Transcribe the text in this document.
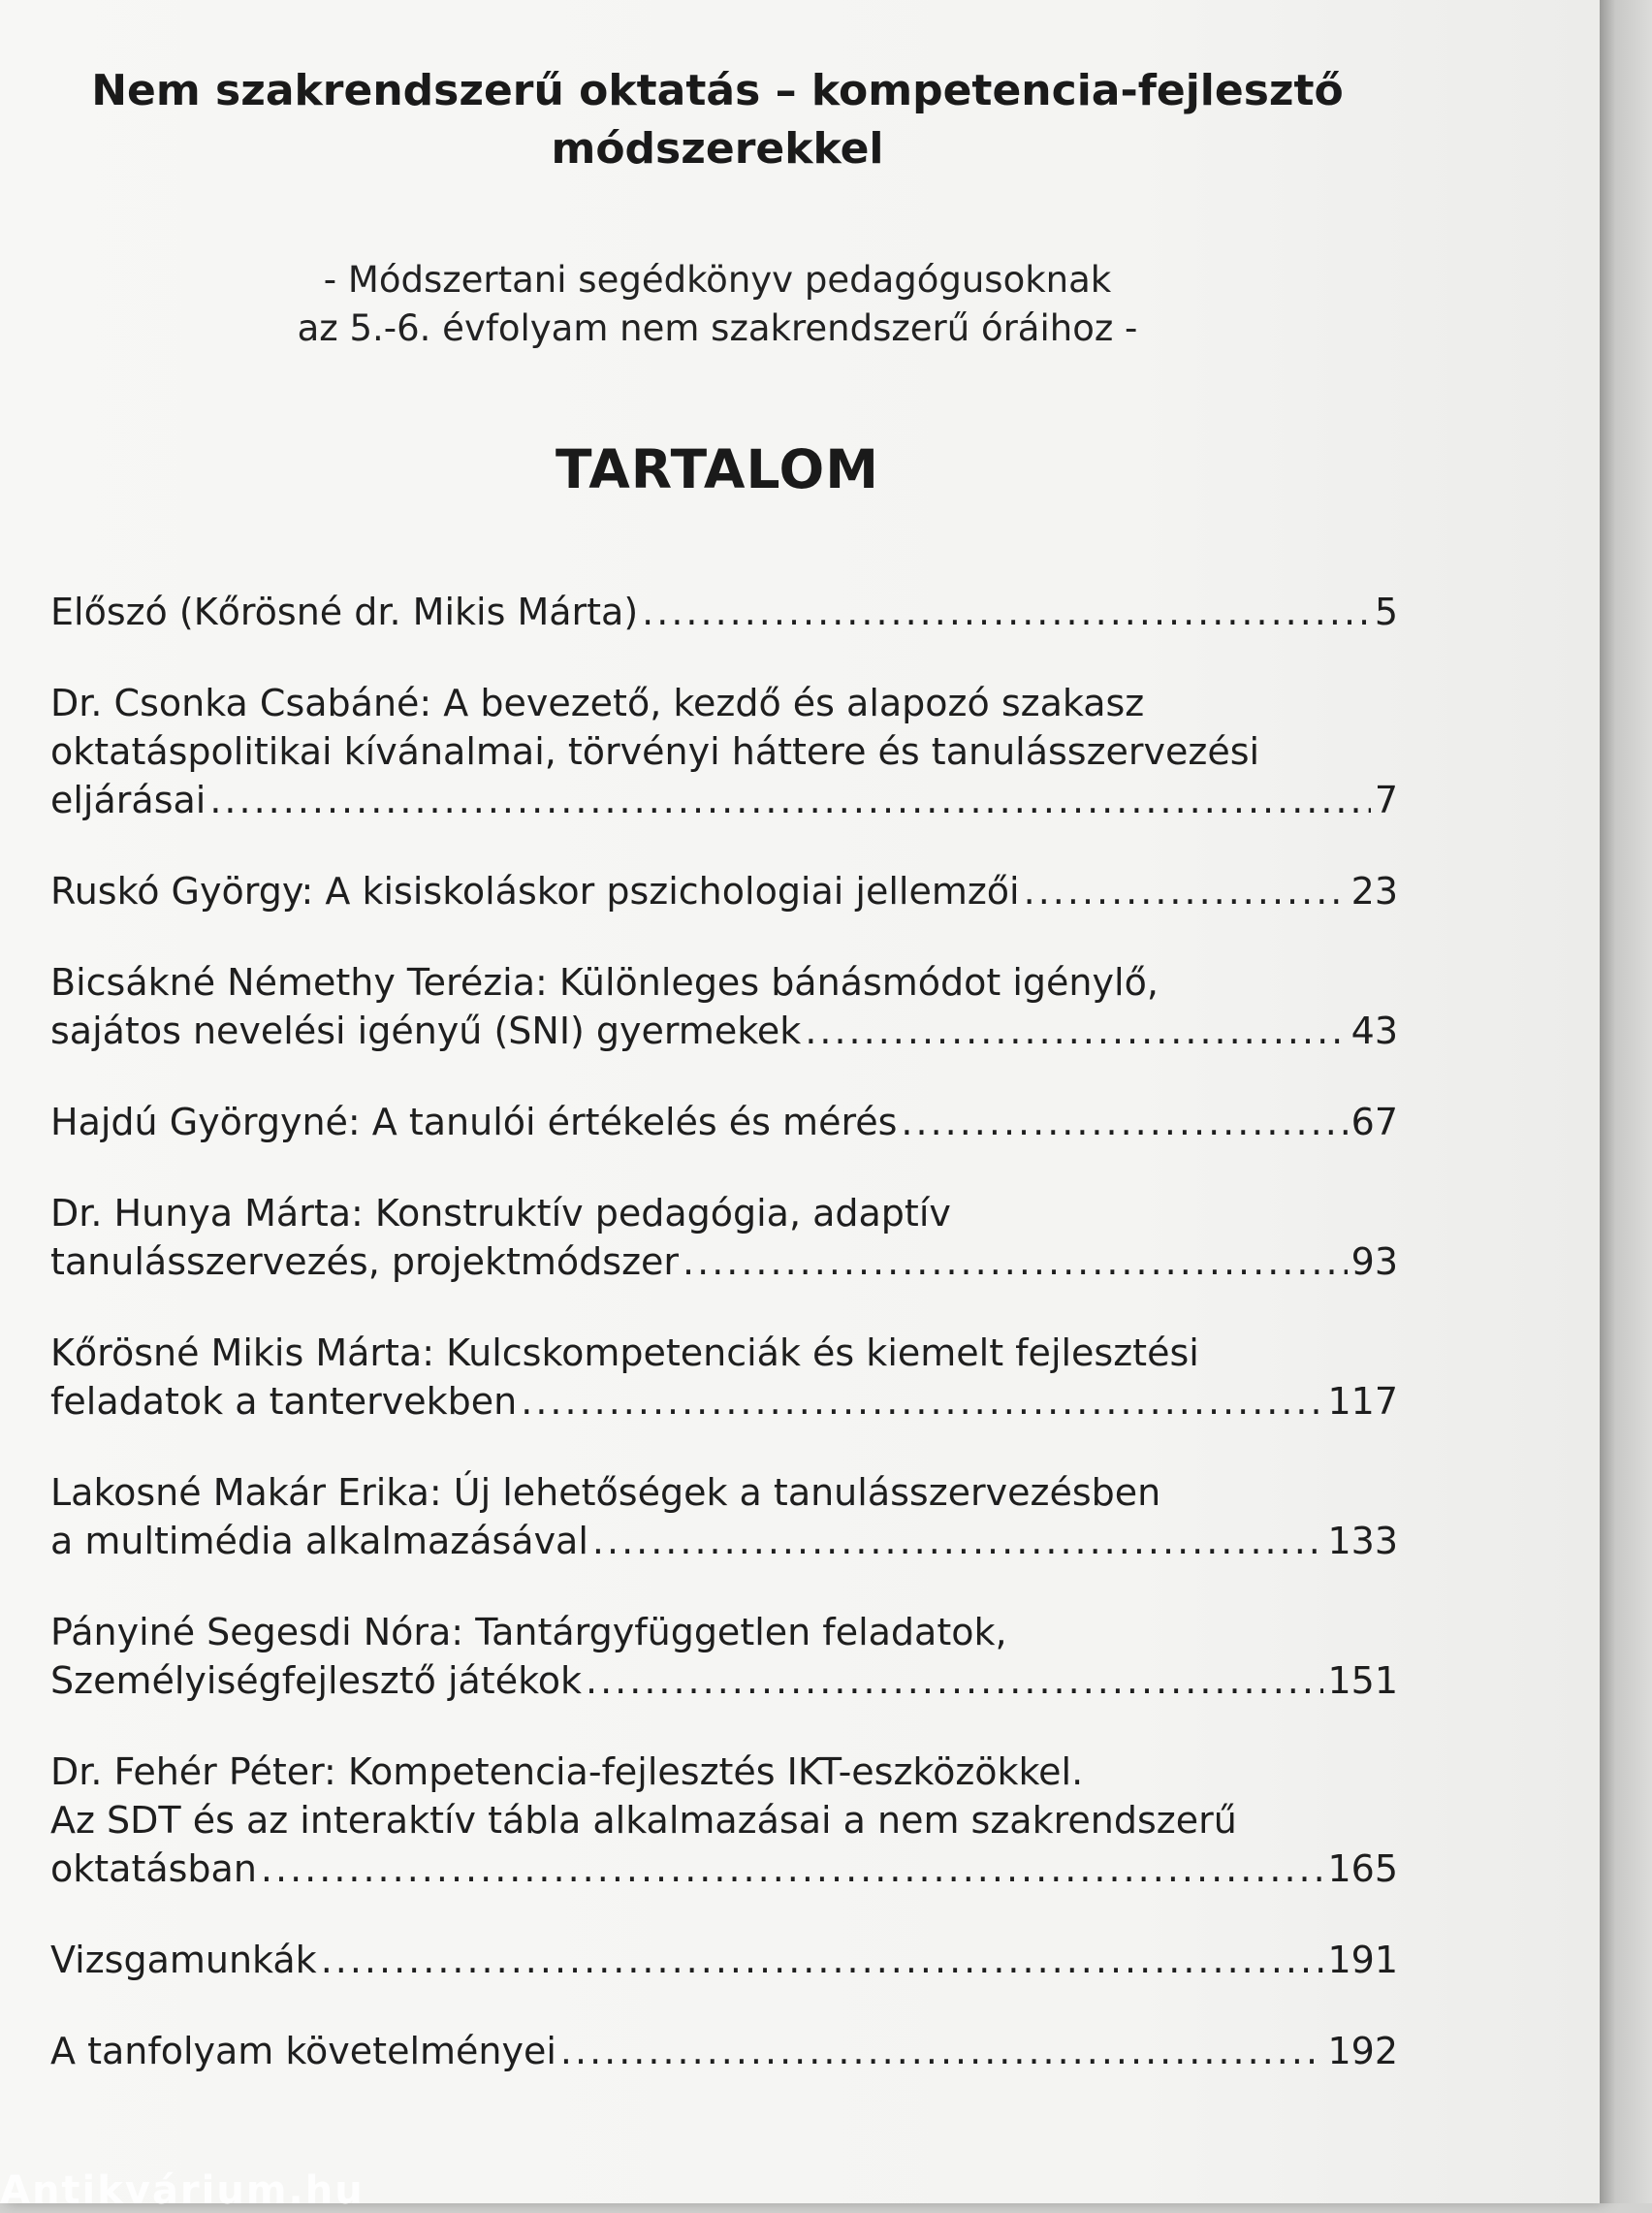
Nem szakrendszerű oktatás – kompetencia-fejlesztő
módszerekkel
- Módszertani segédkönyv pedagógusoknak
az 5.-6. évfolyam nem szakrendszerű óráihoz -
TARTALOM
Előszó (Kőrösné dr. Mikis Márta) .....	5
Dr. Csonka Csabáné: A bevezető, kezdő és alapozó szakasz
oktatáspolitikai kívánalmai, törvényi háttere és tanulásszervezési
eljárásai .....	7
Ruskó György: A kisiskoláskor pszichologiai jellemzői .....	23
Bicsákné Némethy Terézia: Különleges bánásmódot igénylő,
sajátos nevelési igényű (SNI) gyermekek .....	43
Hajdú Györgyné: A tanulói értékelés és mérés .....	67
Dr. Hunya Márta: Konstruktív pedagógia, adaptív
tanulásszervezés, projektmódszer .....	93
Kőrösné Mikis Márta: Kulcskompetenciák és kiemelt fejlesztési
feladatok a tantervekben .....	117
Lakosné Makár Erika: Új lehetőségek a tanulásszervezésben
a multimédia alkalmazásával .....	133
Pányiné Segesdi Nóra: Tantárgyfüggetlen feladatok,
Személyiségfejlesztő játékok .....	151
Dr. Fehér Péter: Kompetencia-fejlesztés IKT-eszközökkel.
Az SDT és az interaktív tábla alkalmazásai a nem szakrendszerű
oktatásban .....	165
Vizsgamunkák .....	191
A tanfolyam követelményei .....	192
Antikvárium.hu
